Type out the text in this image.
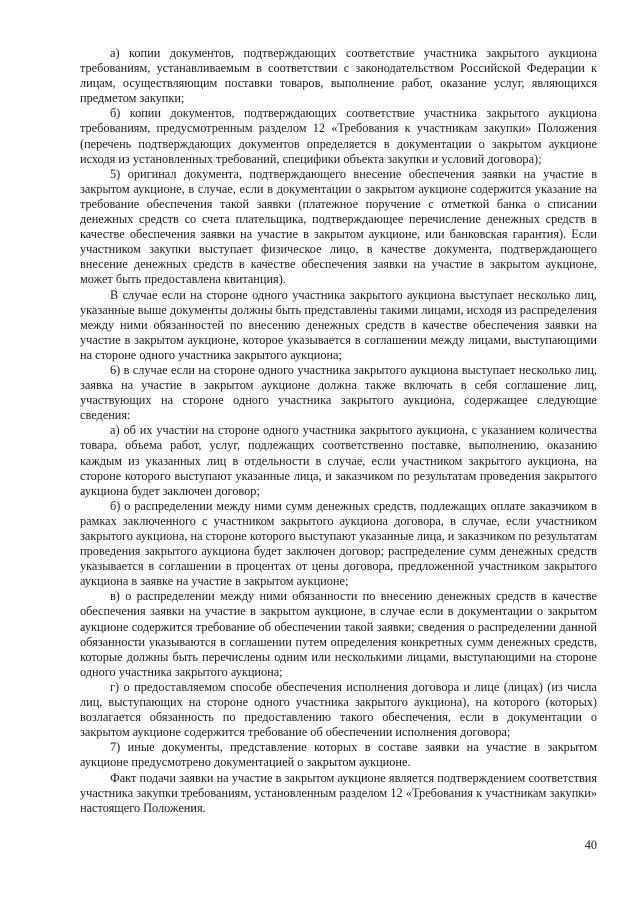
а) копии документов, подтверждающих соответствие участника закрытого аукциона требованиям, устанавливаемым в соответствии с законодательством Российской Федерации к лицам, осуществляющим поставки товаров, выполнение работ, оказание услуг, являющихся предметом закупки;

б) копии документов, подтверждающих соответствие участника закрытого аукциона требованиям, предусмотренным разделом 12 «Требования к участникам закупки» Положения (перечень подтверждающих документов определяется в документации о закрытом аукционе исходя из установленных требований, специфики объекта закупки и условий договора);

5) оригинал документа, подтверждающего внесение обеспечения заявки на участие в закрытом аукционе, в случае, если в документации о закрытом аукционе содержится указание на требование обеспечения такой заявки (платежное поручение с отметкой банка о списании денежных средств со счета плательщика, подтверждающее перечисление денежных средств в качестве обеспечения заявки на участие в закрытом аукционе, или банковская гарантия). Если участником закупки выступает физическое лицо, в качестве документа, подтверждающего внесение денежных средств в качестве обеспечения заявки на участие в закрытом аукционе, может быть предоставлена квитанция).

В случае если на стороне одного участника закрытого аукциона выступает несколько лиц, указанные выше документы должны быть представлены такими лицами, исходя из распределения между ними обязанностей по внесению денежных средств в качестве обеспечения заявки на участие в закрытом аукционе, которое указывается в соглашении между лицами, выступающими на стороне одного участника закрытого аукциона;

6) в случае если на стороне одного участника закрытого аукциона выступает несколько лиц, заявка на участие в закрытом аукционе должна также включать в себя соглашение лиц, участвующих на стороне одного участника закрытого аукциона, содержащее следующие сведения:

а) об их участии на стороне одного участника закрытого аукциона, с указанием количества товара, объема работ, услуг, подлежащих соответственно поставке, выполнению, оказанию каждым из указанных лиц в отдельности в случае, если участником закрытого аукциона, на стороне которого выступают указанные лица, и заказчиком по результатам проведения закрытого аукциона будет заключен договор;

б) о распределении между ними сумм денежных средств, подлежащих оплате заказчиком в рамках заключенного с участником закрытого аукциона договора, в случае, если участником закрытого аукциона, на стороне которого выступают указанные лица, и заказчиком по результатам проведения закрытого аукциона будет заключен договор; распределение сумм денежных средств указывается в соглашении в процентах от цены договора, предложенной участником закрытого аукциона в заявке на участие в закрытом аукционе;

в) о распределении между ними обязанности по внесению денежных средств в качестве обеспечения заявки на участие в закрытом аукционе, в случае если в документации о закрытом аукционе содержится требование об обеспечении такой заявки; сведения о распределении данной обязанности указываются в соглашении путем определения конкретных сумм денежных средств, которые должны быть перечислены одним или несколькими лицами, выступающими на стороне одного участника закрытого аукциона;

г) о предоставляемом способе обеспечения исполнения договора и лице (лицах) (из числа лиц, выступающих на стороне одного участника закрытого аукциона), на которого (которых) возлагается обязанность по предоставлению такого обеспечения, если в документации о закрытом аукционе содержится требование об обеспечении исполнения договора;

7) иные документы, представление которых в составе заявки на участие в закрытом аукционе предусмотрено документацией о закрытом аукционе.

Факт подачи заявки на участие в закрытом аукционе является подтверждением соответствия участника закупки требованиям, установленным разделом 12 «Требования к участникам закупки» настоящего Положения.

40
